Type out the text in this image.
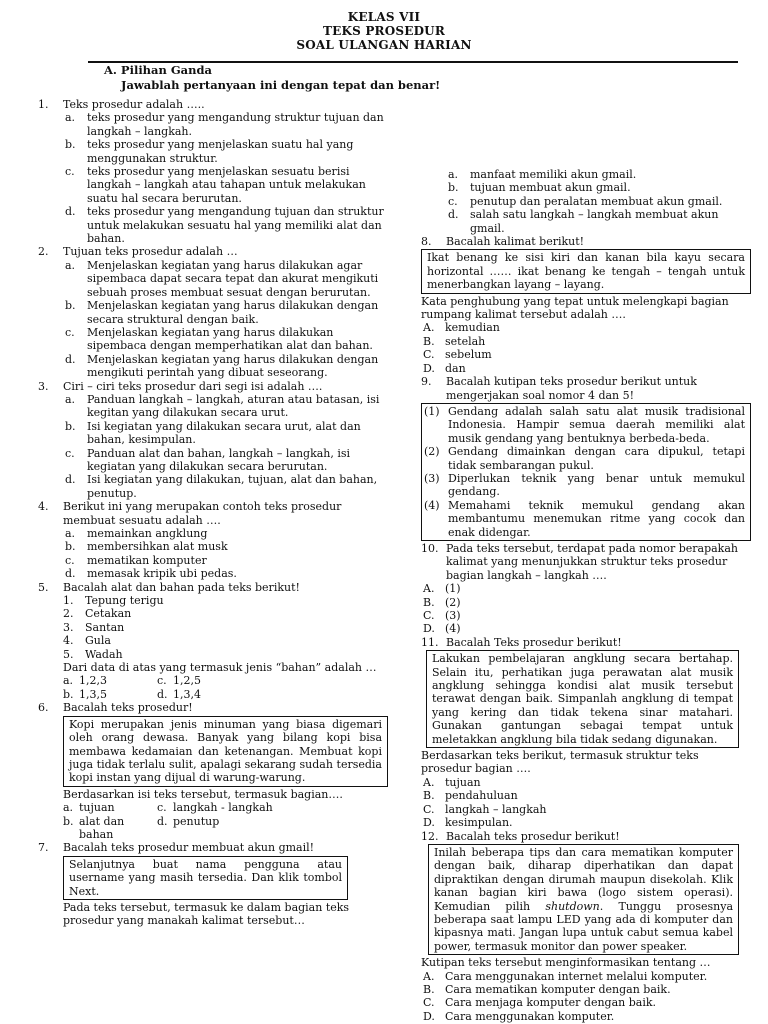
KELAS VII
TEKS PROSEDUR
SOAL ULANGAN HARIAN
A. Pilihan Ganda
Jawablah pertanyaan ini dengan tepat dan benar!
1. Teks prosedur adalah …..
a. teks prosedur yang mengandung struktur tujuan dan langkah – langkah.
b. teks prosedur yang menjelaskan suatu hal yang menggunakan struktur.
c. teks prosedur yang menjelaskan sesuatu berisi langkah – langkah atau tahapan untuk melakukan suatu hal secara berurutan.
d. teks prosedur yang mengandung tujuan dan struktur untuk melakukan sesuatu hal yang memiliki alat dan bahan.
2. Tujuan teks prosedur adalah …
a. Menjelaskan kegiatan yang harus dilakukan agar sipembaca dapat secara tepat dan akurat mengikuti sebuah proses membuat sesuat dengan berurutan.
b. Menjelaskan kegiatan yang harus dilakukan dengan secara struktural dengan baik.
c. Menjelaskan kegiatan yang harus dilakukan sipembaca dengan memperhatikan alat dan bahan.
d. Menjelaskan kegiatan yang harus dilakukan dengan mengikuti perintah yang dibuat seseorang.
3. Ciri – ciri teks prosedur dari segi isi adalah ….
a. Panduan langkah – langkah, aturan atau batasan, isi kegitan yang dilakukan secara urut.
b. Isi kegiatan yang dilakukan secara urut, alat dan bahan, kesimpulan.
c. Panduan alat dan bahan, langkah – langkah, isi kegiatan yang dilakukan secara berurutan.
d. Isi kegiatan yang dilakukan, tujuan, alat dan bahan, penutup.
4. Berikut ini yang merupakan contoh teks prosedur membuat sesuatu adalah ….
a. memainkan angklung
b. membersihkan alat musk
c. mematikan komputer
d. memasak kripik ubi pedas.
5. Bacalah alat dan bahan pada teks berikut!
1. Tepung terigu
2. Cetakan
3. Santan
4. Gula
5. Wadah
Dari data di atas yang termasuk jenis “bahan” adalah …
a. 1,2,3	c. 1,2,5
b. 1,3,5	d. 1,3,4
6. Bacalah teks prosedur!

Kopi merupakan jenis minuman yang biasa digemari oleh orang dewasa. Banyak yang bilang kopi bisa membawa kedamaian dan ketenangan. Membuat kopi juga tidak terlalu sulit, apalagi sekarang sudah tersedia kopi instan yang dijual di warung-warung.

Berdasarkan isi teks tersebut, termasuk bagian….
a. tujuan	c. langkah - langkah
b. alat dan bahan
d. penutup
7. Bacalah teks prosedur membuat akun gmail!

Selanjutnya buat nama pengguna atau username yang masih tersedia. Dan klik tombol Next.

Pada teks tersebut, termasuk ke dalam bagian teks prosedur yang manakah kalimat tersebut…
a. manfaat memiliki akun gmail.
b. tujuan membuat akun gmail.
c. penutup dan peralatan membuat akun gmail.
d. salah satu langkah – langkah membuat akun gmail.
8. Bacalah kalimat berikut!

Ikat benang ke sisi kiri dan kanan bila kayu secara horizontal …… ikat benang ke tengah – tengah untuk menerbangkan layang – layang.

Kata penghubung yang tepat untuk melengkapi bagian rumpang kalimat tersebut adalah ….
A. kemudian
B. setelah
C. sebelum
D. dan
9. Bacalah kutipan teks prosedur berikut untuk mengerjakan soal nomor 4 dan 5!
(1) Gendang adalah salah satu alat musik tradisional Indonesia. Hampir semua daerah memiliki alat musik gendang yang bentuknya berbeda-beda.
(2) Gendang dimainkan dengan cara dipukul, tetapi tidak sembarangan pukul.
(3) Diperlukan teknik yang benar untuk memukul gendang.
(4) Memahami teknik memukul gendang akan membantumu menemukan ritme yang cocok dan enak didengar.
10. Pada teks tersebut, terdapat pada nomor berapakah kalimat yang menunjukkan struktur teks prosedur bagian langkah – langkah ….
A. (1)
B. (2)
C. (3)
D. (4)
11. Bacalah Teks prosedur berikut!

Lakukan pembelajaran angklung secara bertahap. Selain itu, perhatikan juga perawatan alat musik angklung sehingga kondisi alat musik tersebut terawat dengan baik. Simpanlah angklung di tempat yang kering dan tidak tekena sinar matahari. Gunakan gantungan sebagai tempat untuk meletakkan angklung bila tidak sedang digunakan.

Berdasarkan teks berikut, termasuk struktur teks prosedur bagian ….
A. tujuan
B. pendahuluan
C. langkah – langkah
D. kesimpulan.
12. Bacalah teks prosedur berikut!

Inilah beberapa tips dan cara mematikan komputer dengan baik, diharap diperhatikan dan dapat dipraktikan dengan dirumah maupun disekolah. Klik kanan bagian kiri bawa (logo sistem operasi). Kemudian pilih shutdown. Tunggu prosesnya beberapa saat lampu LED yang ada di komputer dan kipasnya mati. Jangan lupa untuk cabut semua kabel power, termasuk monitor dan power speaker.

Kutipan teks tersebut menginformasikan tentang …
A. Cara menggunakan internet melalui komputer.
B. Cara mematikan komputer dengan baik.
C. Cara menjaga komputer dengan baik.
D. Cara menggunakan komputer.
